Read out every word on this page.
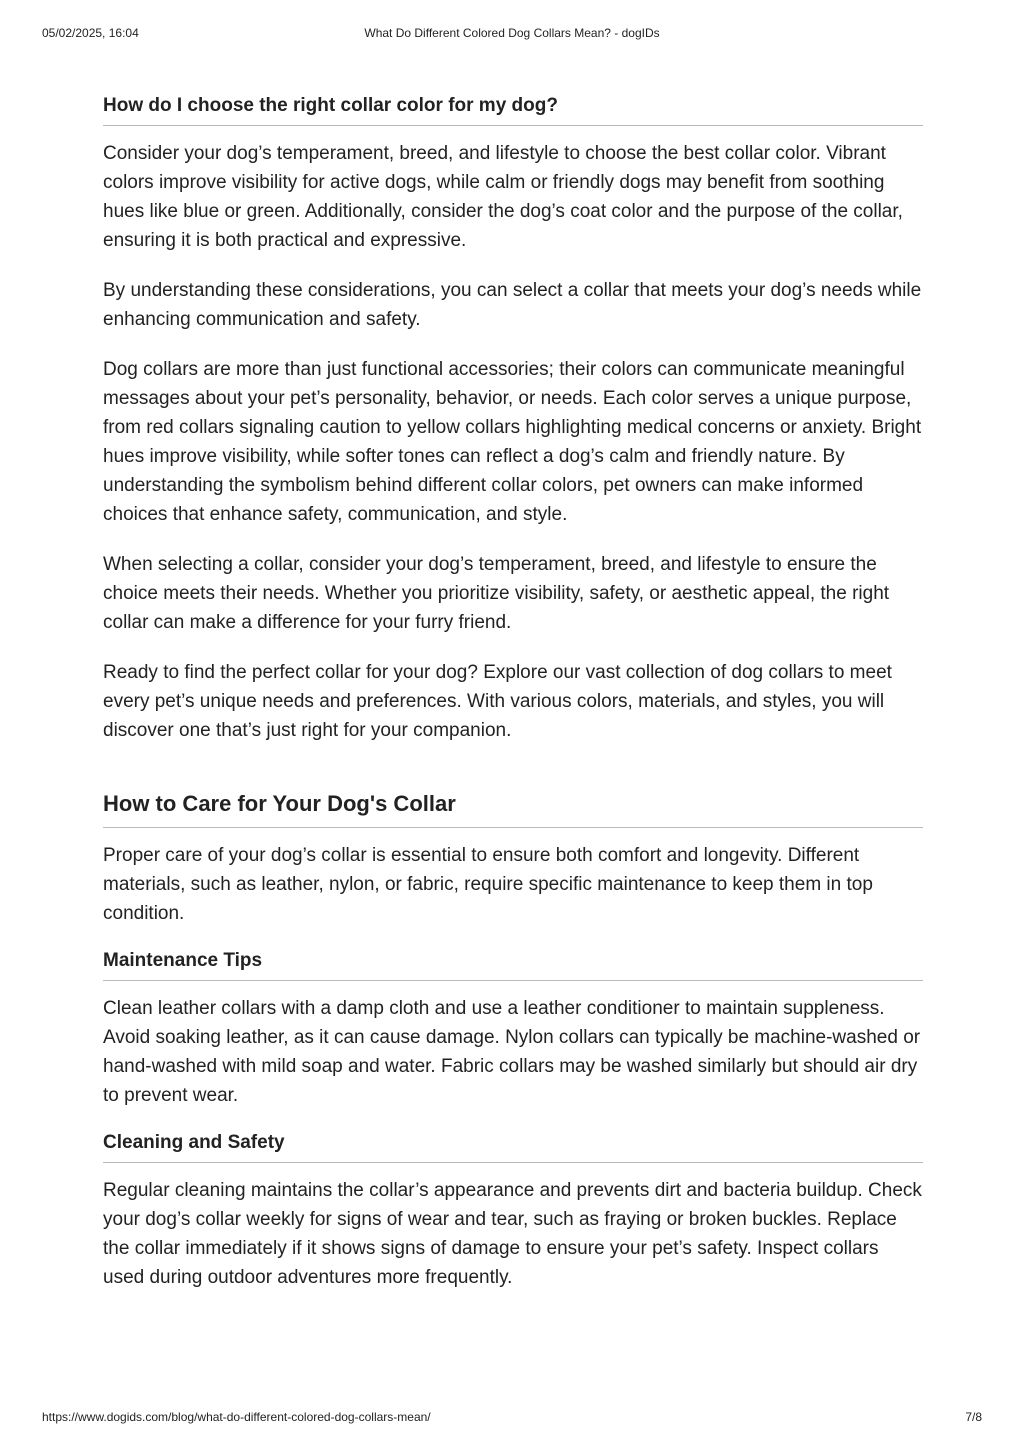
05/02/2025, 16:04	What Do Different Colored Dog Collars Mean? - dogIDs
How do I choose the right collar color for my dog?

Consider your dog’s temperament, breed, and lifestyle to choose the best collar color. Vibrant colors improve visibility for active dogs, while calm or friendly dogs may benefit from soothing hues like blue or green. Additionally, consider the dog’s coat color and the purpose of the collar, ensuring it is both practical and expressive.

By understanding these considerations, you can select a collar that meets your dog’s needs while enhancing communication and safety.

Dog collars are more than just functional accessories; their colors can communicate meaningful messages about your pet’s personality, behavior, or needs. Each color serves a unique purpose, from red collars signaling caution to yellow collars highlighting medical concerns or anxiety. Bright hues improve visibility, while softer tones can reflect a dog’s calm and friendly nature. By understanding the symbolism behind different collar colors, pet owners can make informed choices that enhance safety, communication, and style.

When selecting a collar, consider your dog’s temperament, breed, and lifestyle to ensure the choice meets their needs. Whether you prioritize visibility, safety, or aesthetic appeal, the right collar can make a difference for your furry friend.

Ready to find the perfect collar for your dog? Explore our vast collection of dog collars to meet every pet’s unique needs and preferences. With various colors, materials, and styles, you will discover one that’s just right for your companion.

How to Care for Your Dog's Collar

Proper care of your dog’s collar is essential to ensure both comfort and longevity. Different materials, such as leather, nylon, or fabric, require specific maintenance to keep them in top condition.

Maintenance Tips

Clean leather collars with a damp cloth and use a leather conditioner to maintain suppleness. Avoid soaking leather, as it can cause damage. Nylon collars can typically be machine-washed or hand-washed with mild soap and water. Fabric collars may be washed similarly but should air dry to prevent wear.

Cleaning and Safety

Regular cleaning maintains the collar’s appearance and prevents dirt and bacteria buildup. Check your dog’s collar weekly for signs of wear and tear, such as fraying or broken buckles. Replace the collar immediately if it shows signs of damage to ensure your pet’s safety. Inspect collars used during outdoor adventures more frequently.

https://www.dogids.com/blog/what-do-different-colored-dog-collars-mean/	7/8
